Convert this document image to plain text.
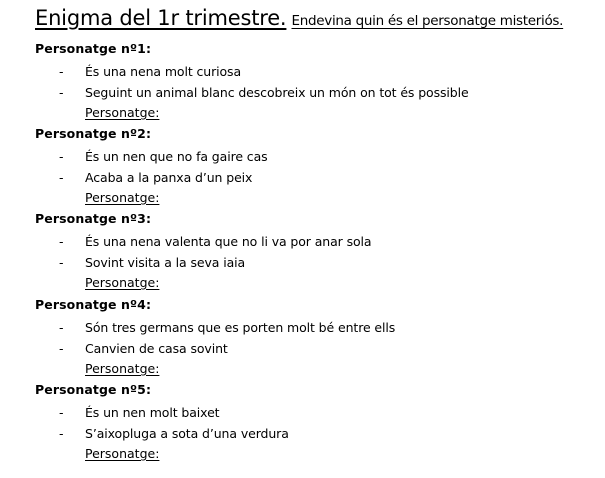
Enigma del 1r trimestre. Endevina quin és el personatge misteriós.
Personatge nº1:
- És una nena molt curiosa
- Seguint un animal blanc descobreix un món on tot és possible
Personatge:
Personatge nº2:
- És un nen que no fa gaire cas
- Acaba a la panxa d’un peix
Personatge:
Personatge nº3:
- És una nena valenta que no li va por anar sola
- Sovint visita a la seva iaia
Personatge:
Personatge nº4:
- Són tres germans que es porten molt bé entre ells
- Canvien de casa sovint
Personatge:
Personatge nº5:
- És un nen molt baixet
- S’aixopluga a sota d’una verdura
Personatge:
